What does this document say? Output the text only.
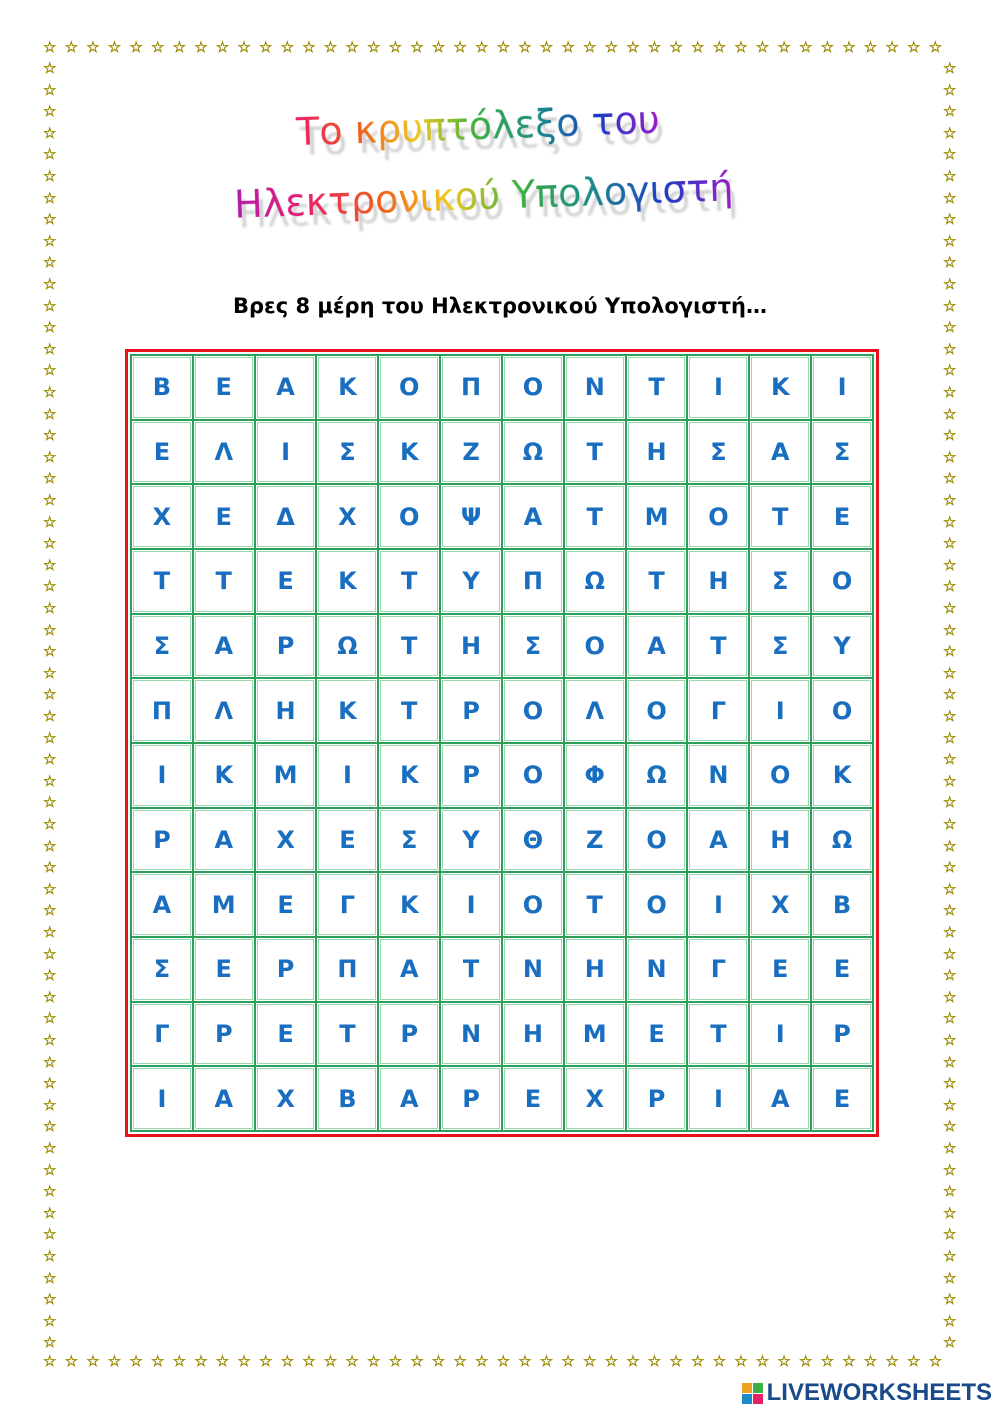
☆
☆
☆
☆
☆
☆
☆
☆
☆
☆
☆
☆
☆
☆
☆
☆
☆
☆
☆
☆
☆
☆
☆
☆
☆
☆
☆
☆
☆
☆
☆
☆
☆
☆
☆
☆
☆
☆
☆
☆
☆
☆
☆
☆
☆
☆
☆
☆
☆
☆
☆
☆
☆
☆
☆
☆
☆
☆
☆
☆
☆
☆
☆
☆
☆
☆
☆
☆
☆
☆
☆
☆
☆
☆
☆
☆
☆
☆
☆
☆
☆
☆
☆
☆
☆	☆
☆	☆
☆	☆
☆	☆
☆	☆
☆	☆
☆	☆
☆	☆
☆	☆
☆	☆
☆	☆
☆	☆
☆	☆
☆	☆
☆	☆
☆	☆
☆	☆
☆	☆
☆	☆
☆	☆
☆	☆
☆	☆
☆	☆
☆	☆
☆	☆
☆	☆
☆	☆
☆	☆
☆	☆
☆	☆
☆	☆
☆	☆
☆	☆
☆	☆
☆	☆
☆	☆
☆	☆
☆	☆
☆	☆
☆	☆
☆	☆
☆	☆
☆	☆
☆	☆
☆	☆
☆	☆
☆	☆
☆	☆
☆	☆
☆	☆
☆	☆
☆	☆
☆	☆
☆	☆
☆	☆
☆	☆
☆	☆
☆	☆
☆	☆
☆	☆
Το κρυπτόλεξο του
Ηλεκτρονικού Υπολογιστή
Βρες 8 μέρη του Ηλεκτρονικού Υπολογιστή…
Β	Ε	Α	Κ	Ο	Π	Ο	Ν	Τ	Ι	Κ	Ι
Ε	Λ	Ι	Σ	Κ	Ζ	Ω	Τ	Η	Σ	Α	Σ
Χ	Ε	Δ	Χ	Ο	Ψ	Α	Τ	Μ	Ο	Τ	Ε
Τ	Τ	Ε	Κ	Τ	Υ	Π	Ω	Τ	Η	Σ	Ο
Σ	Α	Ρ	Ω	Τ	Η	Σ	Ο	Α	Τ	Σ	Υ
Π	Λ	Η	Κ	Τ	Ρ	Ο	Λ	Ο	Γ	Ι	Ο
Ι	Κ	Μ	Ι	Κ	Ρ	Ο	Φ	Ω	Ν	Ο	Κ
Ρ	Α	Χ	Ε	Σ	Υ	Θ	Ζ	Ο	Α	Η	Ω
Α	Μ	Ε	Γ	Κ	Ι	Ο	Τ	Ο	Ι	Χ	Β
Σ	Ε	Ρ	Π	Α	Τ	Ν	Η	Ν	Γ	Ε	Ε
Γ	Ρ	Ε	Τ	Ρ	Ν	Η	Μ	Ε	Τ	Ι	Ρ
Ι	Α	Χ	Β	Α	Ρ	Ε	Χ	Ρ	Ι	Α	Ε
LIVEWORKSHEETS
